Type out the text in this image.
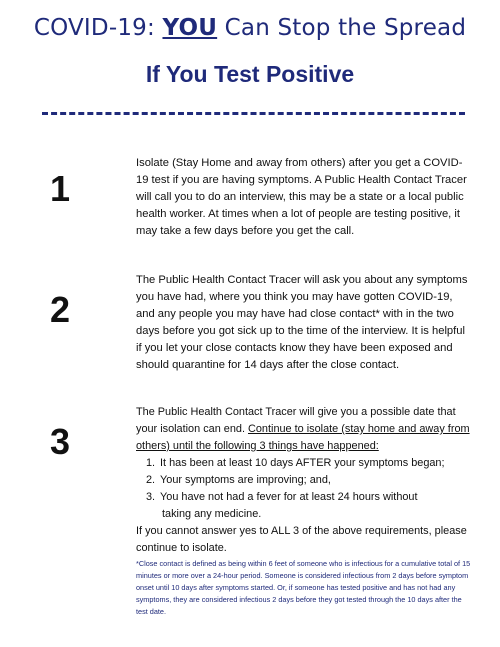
COVID-19: YOU Can Stop the Spread
If You Test Positive
1
Isolate (Stay Home and away from others) after you get a COVID-19 test if you are having symptoms. A Public Health Contact Tracer will call you to do an interview, this may be a state or a local public health worker. At times when a lot of people are testing positive, it may take a few days before you get the call.
2
The Public Health Contact Tracer will ask you about any symptoms you have had, where you think you may have gotten COVID-19, and any people you may have had close contact* with in the two days before you got sick up to the time of the interview. It is helpful if you let your close contacts know they have been exposed and should quarantine for 14 days after the close contact.
3
The Public Health Contact Tracer will give you a possible date that your isolation can end. Continue to isolate (stay home and away from others) until the following 3 things have happened:
1. It has been at least 10 days AFTER your symptoms began;
2. Your symptoms are improving; and,
3. You have not had a fever for at least 24 hours without
taking any medicine.
If you cannot answer yes to ALL 3 of the above requirements, please continue to isolate.
*Close contact is defined as being within 6 feet of someone who is infectious for a cumulative total of 15 minutes or more over a 24-hour period. Someone is considered infectious from 2 days before symptom onset until 10 days after symptoms started. Or, if someone has tested positive and has not had any symptoms, they are considered infectious 2 days before they got tested through the 10 days after the test date.
